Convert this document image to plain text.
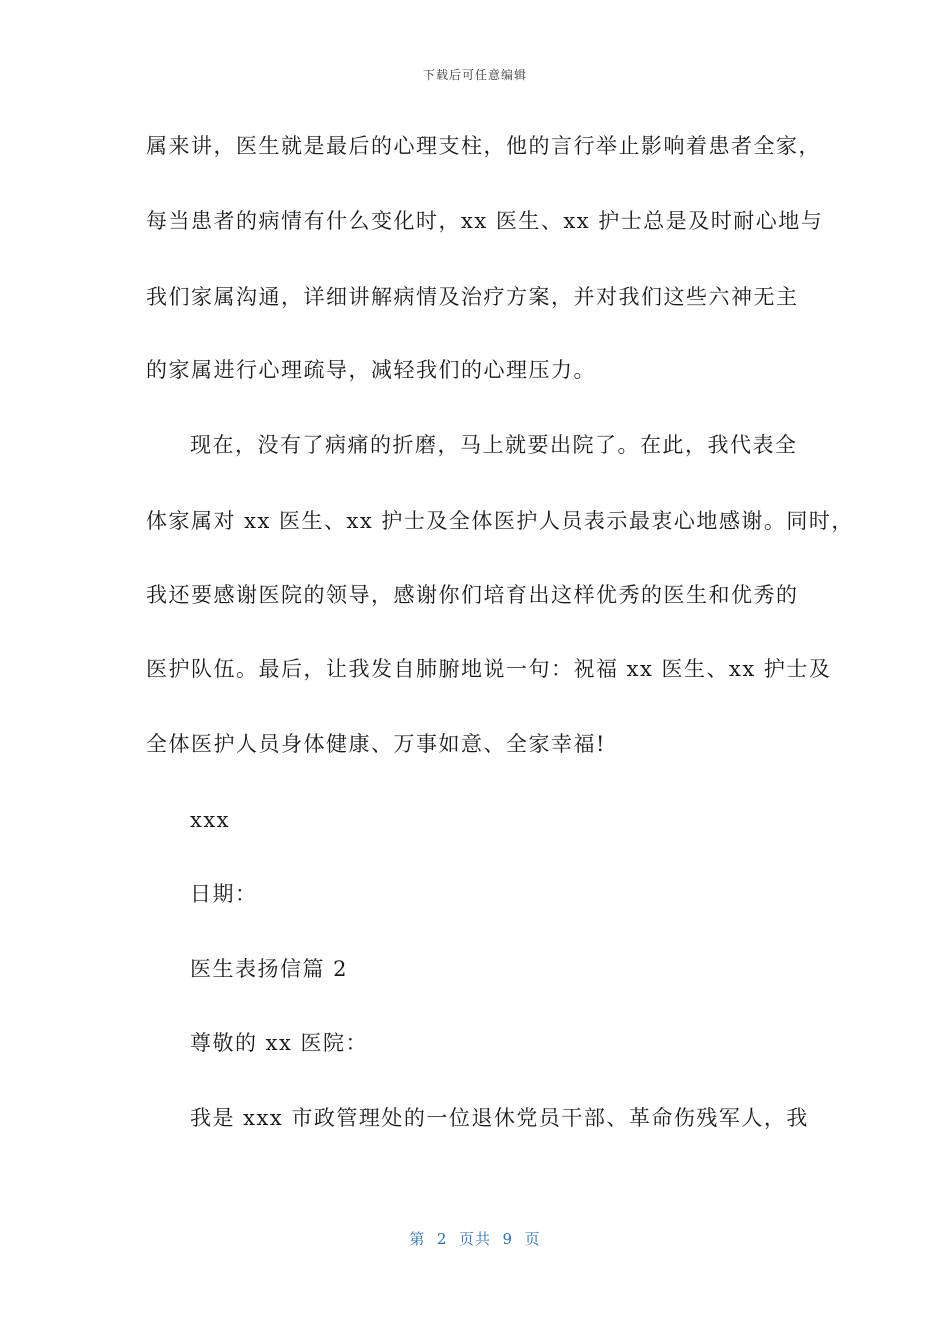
下载后可任意编辑
属来讲，医生就是最后的心理支柱，他的言行举止影响着患者全家，
每当患者的病情有什么变化时，xx 医生、xx 护士总是及时耐心地与
我们家属沟通，详细讲解病情及治疗方案，并对我们这些六神无主
的家属进行心理疏导，减轻我们的心理压力。
现在，没有了病痛的折磨，马上就要出院了。在此，我代表全
体家属对 xx 医生、xx 护士及全体医护人员表示最衷心地感谢。同时，
我还要感谢医院的领导，感谢你们培育出这样优秀的医生和优秀的
医护队伍。最后，让我发自肺腑地说一句：祝福 xx 医生、xx 护士及
全体医护人员身体健康、万事如意、全家幸福!
xxx
日期：
医生表扬信篇 2
尊敬的 xx 医院：
我是 xxx 市政管理处的一位退休党员干部、革命伤残军人，我
第  2  页共  9  页
